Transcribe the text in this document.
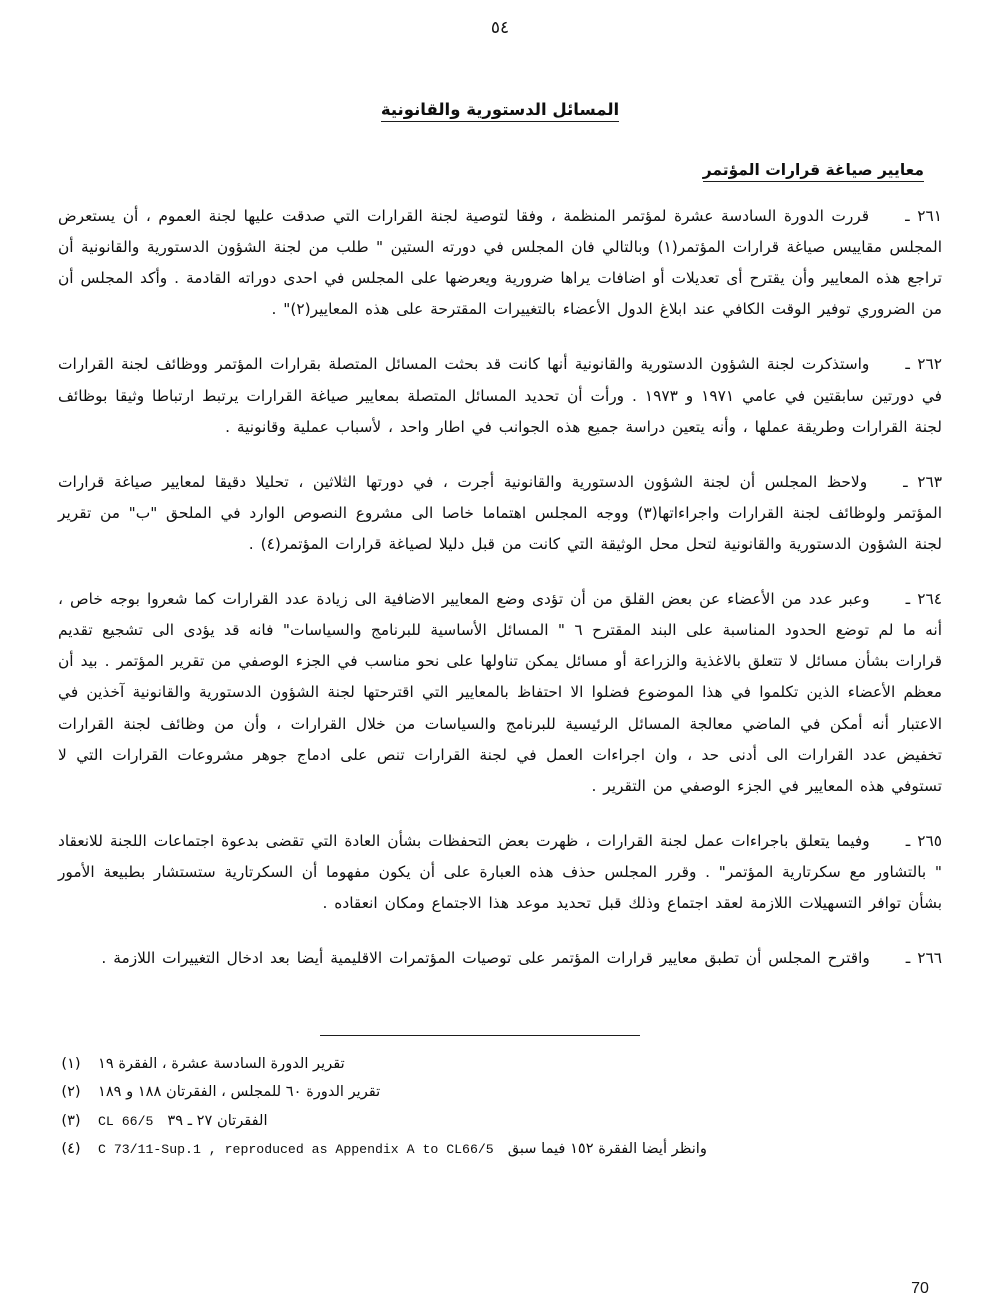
٥٤
المسائل الدستورية والقانونية
معايير صياغة قرارات المؤتمر

٢٦١ ـقررت الدورة السادسة عشرة لمؤتمر المنظمة ، وفقا لتوصية لجنة القرارات التي صدقت عليها لجنة العموم ، أن يستعرض المجلس مقاييس صياغة قرارات المؤتمر(١) وبالتالي فان المجلس في دورته الستين " طلب من لجنة الشؤون الدستورية والقانونية أن تراجع هذه المعايير وأن يقترح أى تعديلات أو اضافات يراها ضرورية ويعرضها على المجلس في احدى دوراته القادمة . وأكد المجلس أن من الضروري توفير الوقت الكافي عند ابلاغ الدول الأعضاء بالتغييرات المقترحة على هذه المعايير(٢)" .

٢٦٢ ـواستذكرت لجنة الشؤون الدستورية والقانونية أنها كانت قد بحثت المسائل المتصلة بقرارات المؤتمر ووظائف لجنة القرارات في دورتين سابقتين في عامي ١٩٧١ و ١٩٧٣ . ورأت أن تحديد المسائل المتصلة بمعايير صياغة القرارات يرتبط ارتباطا وثيقا بوظائف لجنة القرارات وطريقة عملها ، وأنه يتعين دراسة جميع هذه الجوانب في اطار واحد ، لأسباب عملية وقانونية .

٢٦٣ ـولاحظ المجلس أن لجنة الشؤون الدستورية والقانونية أجرت ، في دورتها الثلاثين ، تحليلا دقيقا لمعايير صياغة قرارات المؤتمر ولوظائف لجنة القرارات واجراءاتها(٣) ووجه المجلس اهتماما خاصا الى مشروع النصوص الوارد في الملحق "ب" من تقرير لجنة الشؤون الدستورية والقانونية لتحل محل الوثيقة التي كانت من قبل دليلا لصياغة قرارات المؤتمر(٤) .

٢٦٤ ـوعبر عدد من الأعضاء عن بعض القلق من أن تؤدى وضع المعايير الاضافية الى زيادة عدد القرارات كما شعروا بوجه خاص ، أنه ما لم توضع الحدود المناسبة على البند المقترح ٦ " المسائل الأساسية للبرنامج والسياسات" فانه قد يؤدى الى تشجيع تقديم قرارات بشأن مسائل لا تتعلق بالاغذية والزراعة أو مسائل يمكن تناولها على نحو مناسب في الجزء الوصفي من تقرير المؤتمر . بيد أن معظم الأعضاء الذين تكلموا في هذا الموضوع فضلوا الا احتفاظ بالمعايير التي اقترحتها لجنة الشؤون الدستورية والقانونية آخذين في الاعتبار أنه أمكن في الماضي معالجة المسائل الرئيسية للبرنامج والسياسات من خلال القرارات ، وأن من وظائف لجنة القرارات تخفيض عدد القرارات الى أدنى حد ، وان اجراءات العمل في لجنة القرارات تنص على ادماج جوهر مشروعات القرارات التي لا تستوفي هذه المعايير في الجزء الوصفي من التقرير .

٢٦٥ ـوفيما يتعلق باجراءات عمل لجنة القرارات ، ظهرت بعض التحفظات بشأن العادة التي تقضى بدعوة اجتماعات اللجنة للانعقاد " بالتشاور مع سكرتارية المؤتمر" . وقرر المجلس حذف هذه العبارة على أن يكون مفهوما أن السكرتارية ستستشار بطبيعة الأمور بشأن توافر التسهيلات اللازمة لعقد اجتماع وذلك قبل تحديد موعد هذا الاجتماع ومكان انعقاده .

٢٦٦ ـواقترح المجلس أن تطبق معايير قرارات المؤتمر على توصيات المؤتمرات الاقليمية أيضا بعد ادخال التغييرات اللازمة .

تقرير الدورة السادسة عشرة ، الفقرة ١٩
(١)
تقرير الدورة ٦٠ للمجلس ، الفقرتان ١٨٨ و ١٨٩
(٢)
الفقرتان ٢٧ ـ ٣٩
CL 66/5
(٣)
وانظر أيضا الفقرة ١٥٢ فيما سبق
C 73/11-Sup.1 , reproduced as Appendix A to CL66/5
(٤)
70
